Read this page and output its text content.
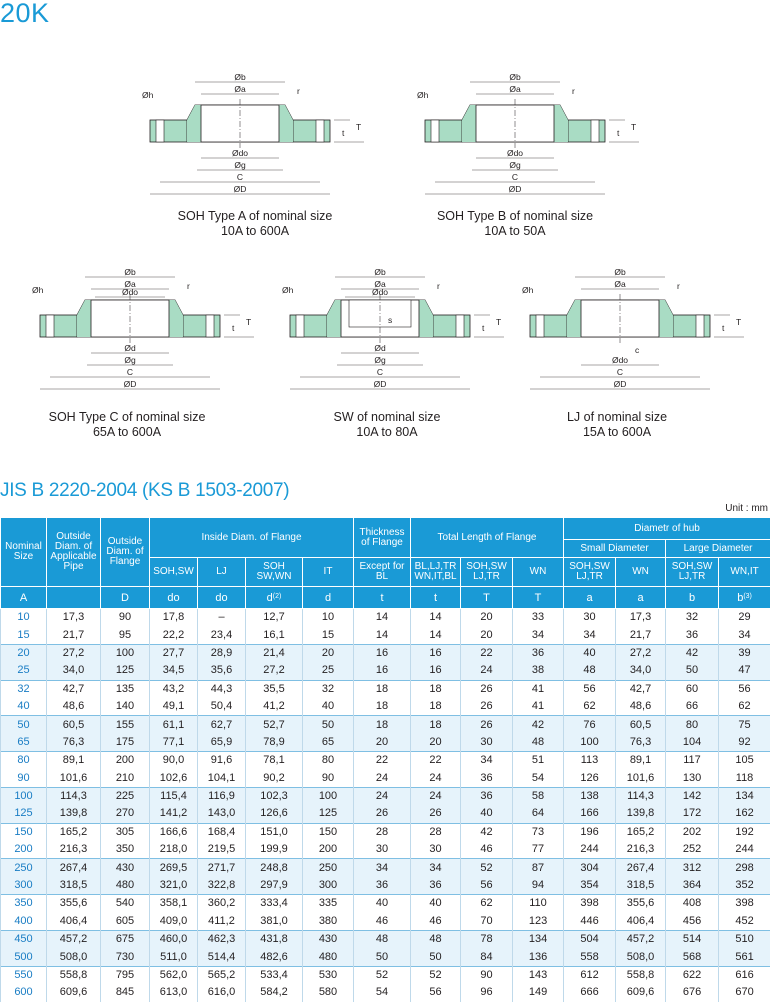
20K
Øb
Øa
Ødo
Øg
C
ØD
Øh	r
t
T
SOH Type A of nominal size
10A to 600A
Øb
Øa
Ødo
Øg
C
ØD
Øh	r
t
T
SOH Type B of nominal size
10A to 50A
Øb
Øa
Ødo
Ød
Øg
C
ØD
Øh	r
t
T
SOH Type C of nominal size
65A to 600A
Øb
Øa
Ødo
Ød
Øg
C
ØD
Øh	r
t
T
s
SW of nominal size
10A to 80A
Øb
Øa
Ødo
C
ØD
Øh	r
t
T
c
LJ of nominal size
15A to 600A
JIS B 2220-2004 (KS B 1503-2007)
Unit : mm
Nominal Size	Outside Diam. of Applicable Pipe	Outside Diam. of Flange	Inside Diam. of Flange				Thickness of Flange	Total Length of Flange			Diametr of hub			
											Small Diameter		Large Diameter	
			SOH,SW	LJ	SOH SW,WN	IT	Except for BL	BL,LJ,TR WN,IT,BL	SOH,SW LJ,TR	WN	SOH,SW LJ,TR	WN	SOH,SW LJ,TR	WN,IT
A		D	do	do	$d^{(2)}$	d	t	t	T	T	a	a	b	$b^{(3)}$
10	17,3	90	17,8	–	12,7	10	14	14	20	33	30	17,3	32	29
15	21,7	95	22,2	23,4	16,1	15	14	14	20	34	34	21,7	36	34
20	27,2	100	27,7	28,9	21,4	20	16	16	22	36	40	27,2	42	39
25	34,0	125	34,5	35,6	27,2	25	16	16	24	38	48	34,0	50	47
32	42,7	135	43,2	44,3	35,5	32	18	18	26	41	56	42,7	60	56
40	48,6	140	49,1	50,4	41,2	40	18	18	26	41	62	48,6	66	62
50	60,5	155	61,1	62,7	52,7	50	18	18	26	42	76	60,5	80	75
65	76,3	175	77,1	65,9	78,9	65	20	20	30	48	100	76,3	104	92
80	89,1	200	90,0	91,6	78,1	80	22	22	34	51	113	89,1	117	105
90	101,6	210	102,6	104,1	90,2	90	24	24	36	54	126	101,6	130	118
100	114,3	225	115,4	116,9	102,3	100	24	24	36	58	138	114,3	142	134
125	139,8	270	141,2	143,0	126,6	125	26	26	40	64	166	139,8	172	162
150	165,2	305	166,6	168,4	151,0	150	28	28	42	73	196	165,2	202	192
200	216,3	350	218,0	219,5	199,9	200	30	30	46	77	244	216,3	252	244
250	267,4	430	269,5	271,7	248,8	250	34	34	52	87	304	267,4	312	298
300	318,5	480	321,0	322,8	297,9	300	36	36	56	94	354	318,5	364	352
350	355,6	540	358,1	360,2	333,4	335	40	40	62	110	398	355,6	408	398
400	406,4	605	409,0	411,2	381,0	380	46	46	70	123	446	406,4	456	452
450	457,2	675	460,0	462,3	431,8	430	48	48	78	134	504	457,2	514	510
500	508,0	730	511,0	514,4	482,6	480	50	50	84	136	558	508,0	568	561
550	558,8	795	562,0	565,2	533,4	530	52	52	90	143	612	558,8	622	616
600	609,6	845	613,0	616,0	584,2	580	54	56	96	149	666	609,6	676	670
